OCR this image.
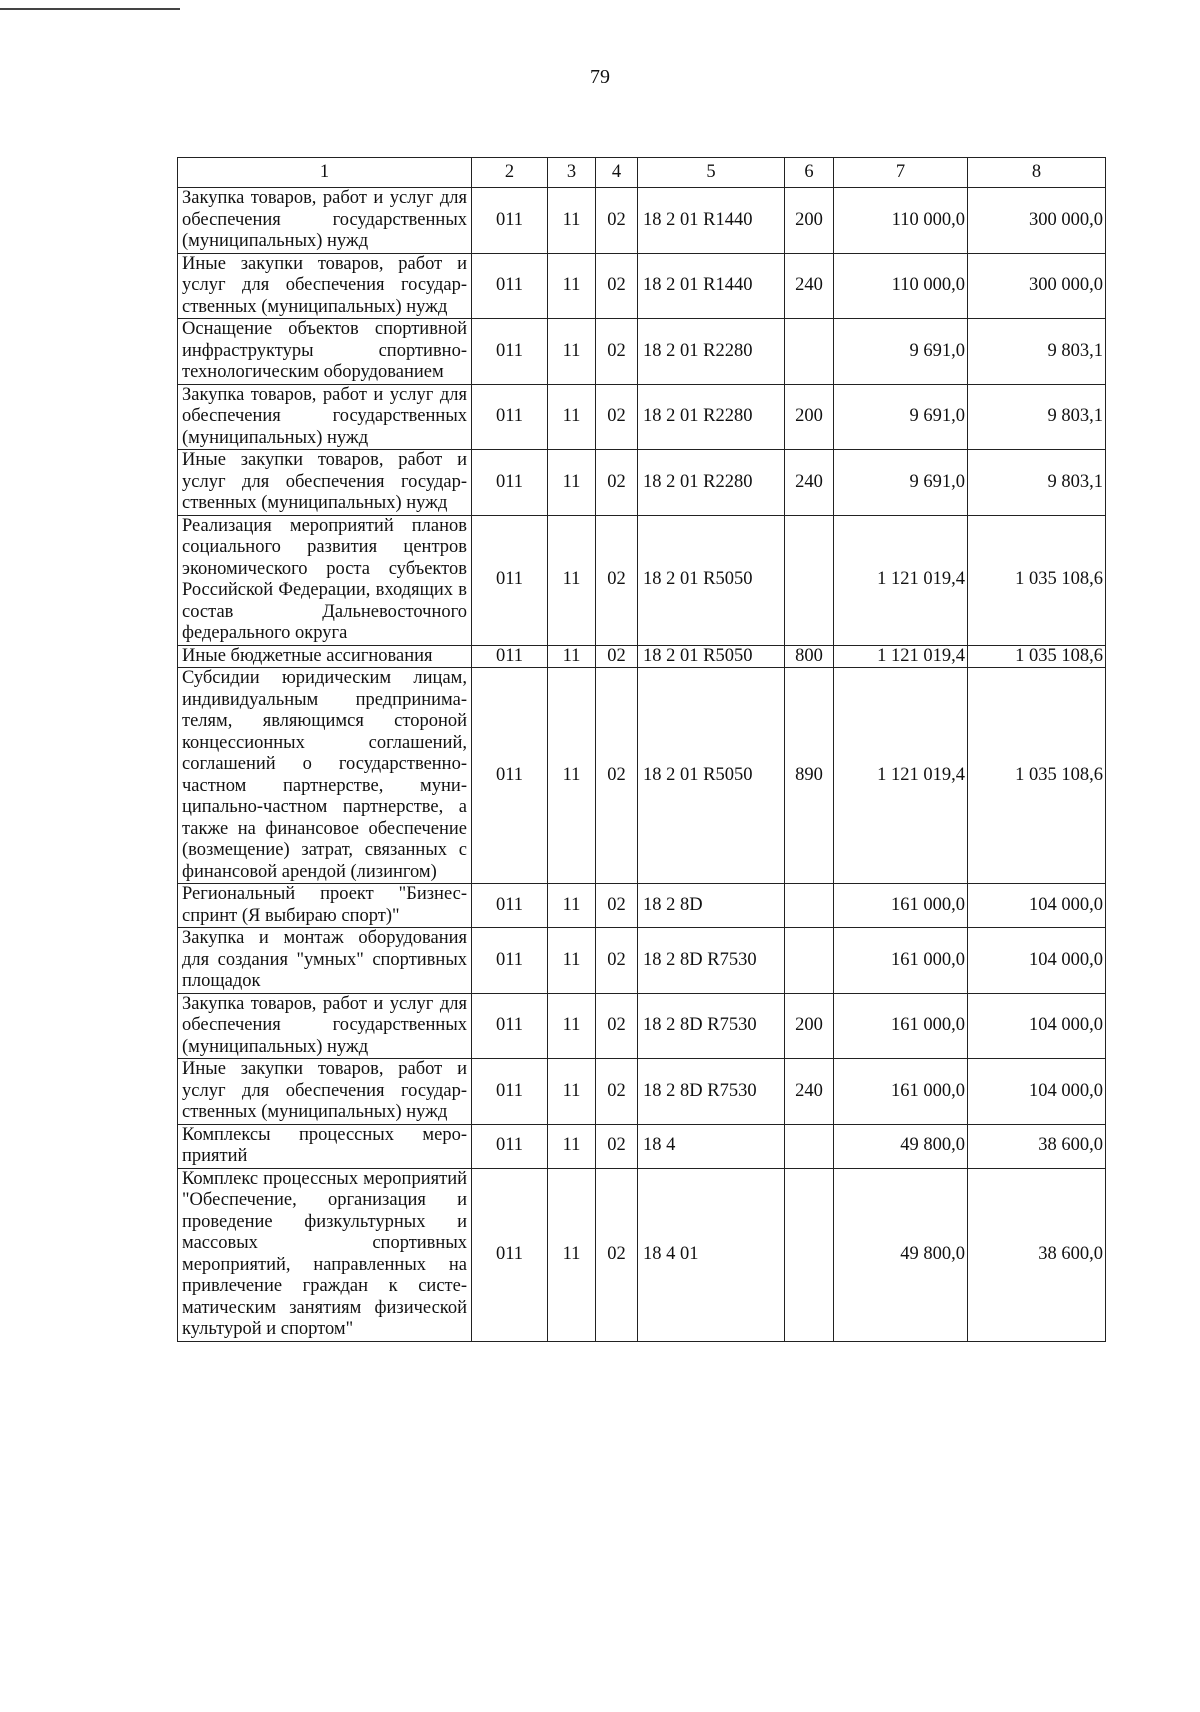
79
1	2	3	4	5	6	7	8
Закупка товаров, работ и услуг для обеспечения государственных (муниципальных) нужд	011	11	02	18 2 01 R1440	200	110 000,0	300 000,0
Иные закупки товаров, работ и услуг для обеспечения государственных (муниципальных) нужд	011	11	02	18 2 01 R1440	240	110 000,0	300 000,0
Оснащение объектов спортивной инфраструктуры спортивно-технологическим оборудованием	011	11	02	18 2 01 R2280		9 691,0	9 803,1
Закупка товаров, работ и услуг для обеспечения государственных (муниципальных) нужд	011	11	02	18 2 01 R2280	200	9 691,0	9 803,1
Иные закупки товаров, работ и услуг для обеспечения государственных (муниципальных) нужд	011	11	02	18 2 01 R2280	240	9 691,0	9 803,1
Реализация мероприятий планов социального развития центров экономического роста субъектов Российской Федерации, входящих в состав Дальневосточного федерального округа	011	11	02	18 2 01 R5050		1 121 019,4	1 035 108,6
Иные бюджетные ассигнования	011	11	02	18 2 01 R5050	800	1 121 019,4	1 035 108,6
Субсидии юридическим лицам, индивидуальным предпринимателям, являющимся стороной концессионных соглашений, соглашений о государственно-частном партнерстве, муниципально-частном партнерстве, а также на финансовое обеспечение (возмещение) затрат, связанных с финансовой арендой (лизингом)	011	11	02	18 2 01 R5050	890	1 121 019,4	1 035 108,6
Региональный проект "Бизнес-спринт (Я выбираю спорт)"	011	11	02	18 2 8D		161 000,0	104 000,0
Закупка и монтаж оборудования для создания "умных" спортивных площадок	011	11	02	18 2 8D R7530		161 000,0	104 000,0
Закупка товаров, работ и услуг для обеспечения государственных (муниципальных) нужд	011	11	02	18 2 8D R7530	200	161 000,0	104 000,0
Иные закупки товаров, работ и услуг для обеспечения государственных (муниципальных) нужд	011	11	02	18 2 8D R7530	240	161 000,0	104 000,0
Комплексы процессных мероприятий	011	11	02	18 4		49 800,0	38 600,0
Комплекс процессных мероприятий "Обеспечение, организация и проведение физкультурных и массовых спортивных мероприятий, направленных на привлечение граждан к систематическим занятиям физической культурой и спортом"	011	11	02	18 4 01		49 800,0	38 600,0
